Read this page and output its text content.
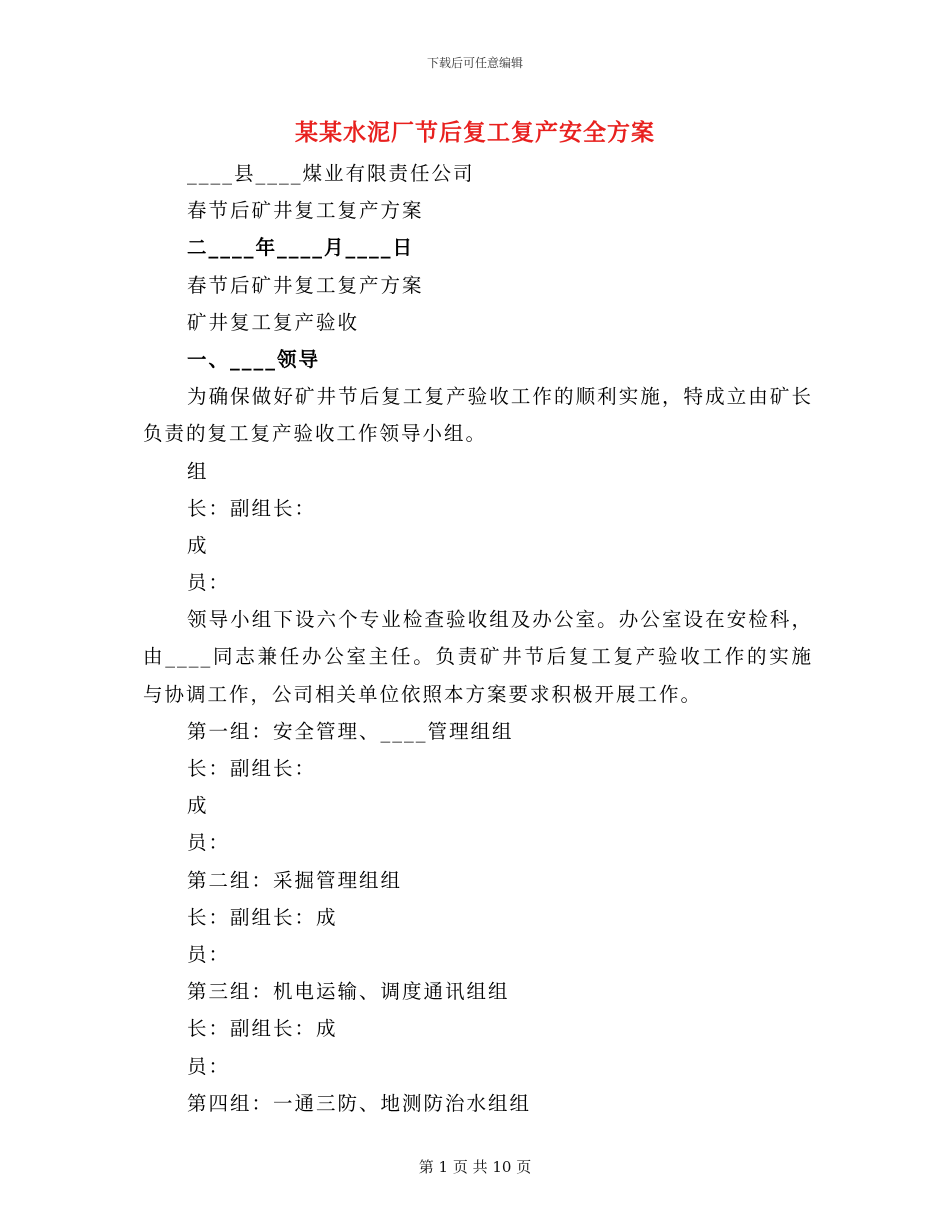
下载后可任意编辑
某某水泥厂节后复工复产安全方案
____县____煤业有限责任公司
春节后矿井复工复产方案
二____年____月____日
春节后矿井复工复产方案
矿井复工复产验收
一、____领导
为确保做好矿井节后复工复产验收工作的顺利实施，特成立由矿长负责的复工复产验收工作领导小组。
组
长：副组长：
成
员：
领导小组下设六个专业检查验收组及办公室。办公室设在安检科，由____同志兼任办公室主任。负责矿井节后复工复产验收工作的实施与协调工作，公司相关单位依照本方案要求积极开展工作。
第一组：安全管理、____管理组组
长：副组长：
成
员：
第二组：采掘管理组组
长：副组长：成
员：
第三组：机电运输、调度通讯组组
长：副组长：成
员：
第四组：一通三防、地测防治水组组
第 1 页 共 10 页
